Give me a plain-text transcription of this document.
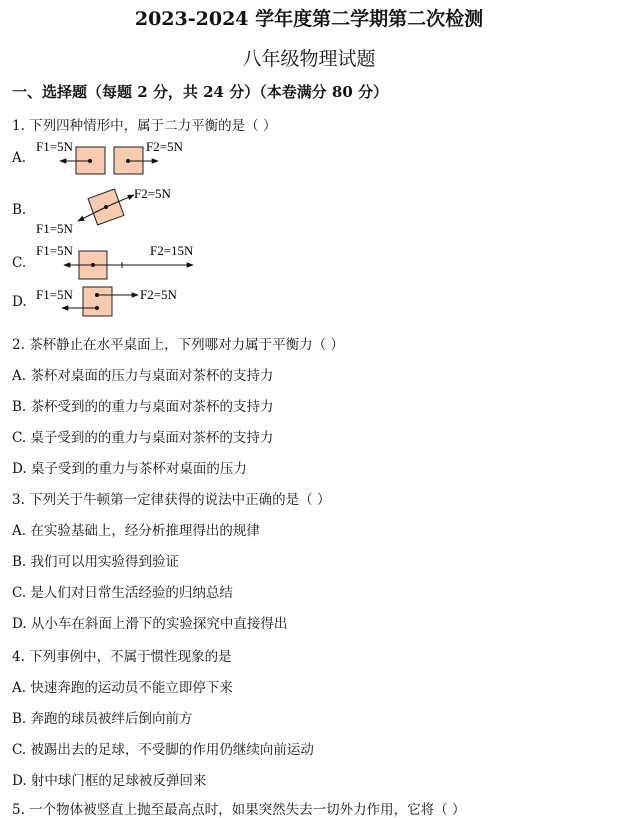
2023-2024 学年度第二学期第二次检测
八年级物理试题
一、选择题（每题 2 分，共 24 分）（本卷满分 80 分）
1. 下列四种情形中，属于二力平衡的是（ ）
A.
B.
C.
D.
F1=5N	F2=5N
F2=5N
F1=5N
F1=5N	F2=15N
F1=5N	F2=5N
2. 茶杯静止在水平桌面上，下列哪对力属于平衡力（ ）
A. 茶杯对桌面的压力与桌面对茶杯的支持力
B. 茶杯受到的的重力与桌面对茶杯的支持力
C. 桌子受到的的重力与桌面对茶杯的支持力
D. 桌子受到的重力与茶杯对桌面的压力
3. 下列关于牛顿第一定律获得的说法中正确的是（ ）
A. 在实验基础上，经分析推理得出的规律
B. 我们可以用实验得到验证
C. 是人们对日常生活经验的归纳总结
D. 从小车在斜面上滑下的实验探究中直接得出
4. 下列事例中，不属于惯性现象的是
A. 快速奔跑的运动员不能立即停下来
B. 奔跑的球员被绊后倒向前方
C. 被踢出去的足球，不受脚的作用仍继续向前运动
D. 射中球门框的足球被反弹回来
5. 一个物体被竖直上抛至最高点时，如果突然失去一切外力作用，它将（ ）
